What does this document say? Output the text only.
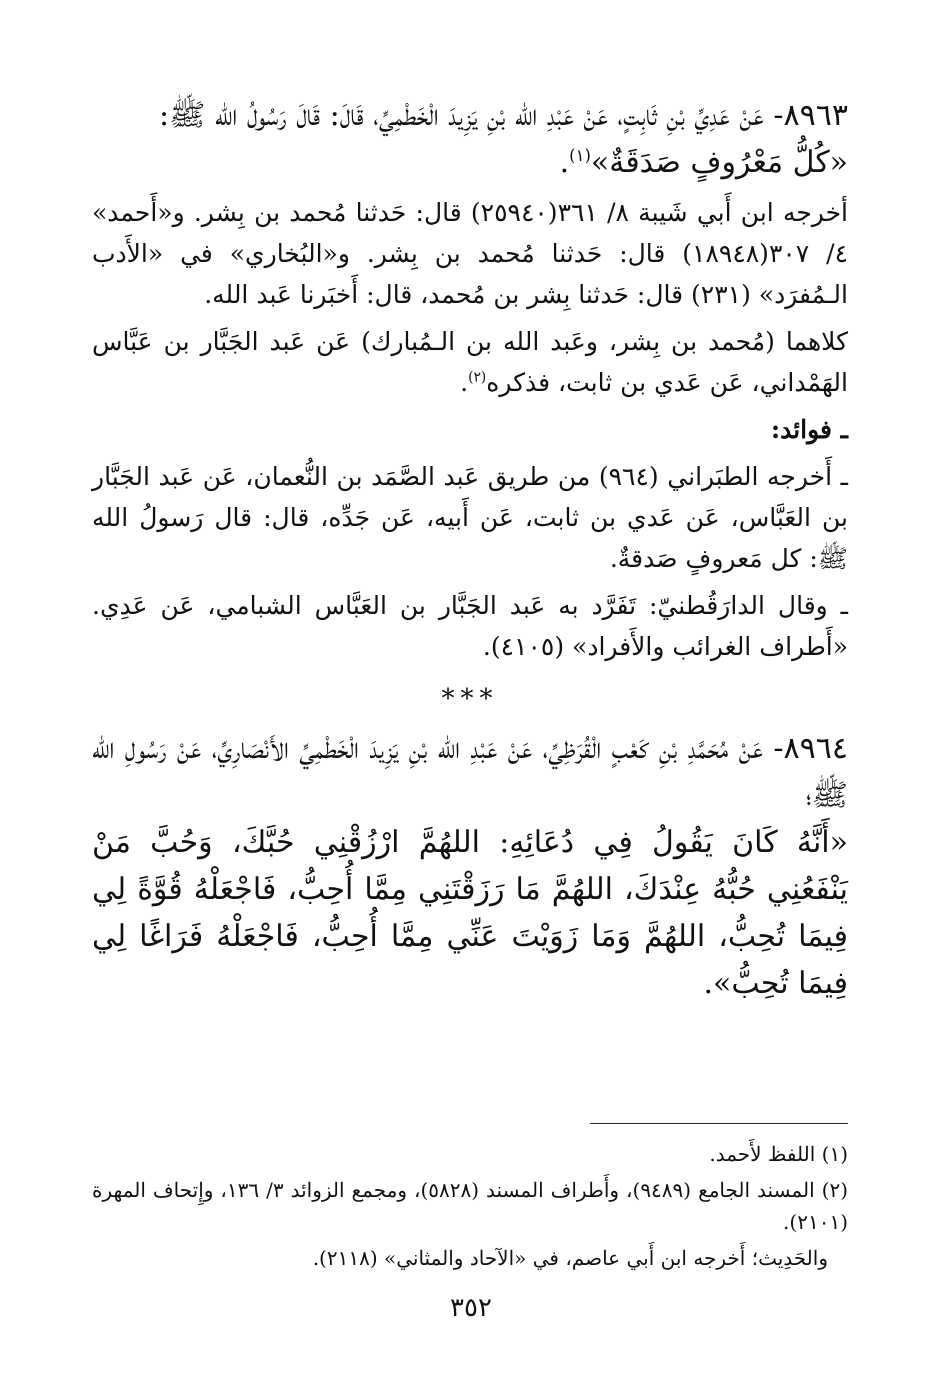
٨٩٦٣- عَنْ عَدِيِّ بْنِ ثَابِتٍ، عَنْ عَبْدِ الله بْنِ يَزِيدَ الْخَطْمِيِّ، قَالَ: قَالَ رَسُولُ الله ﷺ:

«كُلُّ مَعْرُوفٍ صَدَقَةٌ»$^{(١)}$.

أخرجه ابن أَبي شَيبة ٨/ ٣٦١(٢٥٩٤٠) قال: حَدثنا مُحمد بن بِشر. و«أَحمد» ٤/ ٣٠٧(١٨٩٤٨) قال: حَدثنا مُحمد بن بِشر. و«البُخاري» في «الأَدب الـمُفرَد» (٢٣١) قال: حَدثنا بِشر بن مُحمد، قال: أَخبَرنا عَبد الله.

كلاهما (مُحمد بن بِشر، وعَبد الله بن الـمُبارك) عَن عَبد الجَبَّار بن عَبَّاس الهَمْداني، عَن عَدي بن ثابت، فذكره$^{(٢)}$.

ـ فوائد:

ـ أَخرجه الطبَراني (٩٦٤) من طريق عَبد الصَّمَد بن النُّعمان، عَن عَبد الجَبَّار بن العَبَّاس، عَن عَدي بن ثابت، عَن أَبيه، عَن جَدِّه، قال: قال رَسولُ الله ﷺ: كل مَعروفٍ صَدقةٌ.

ـ وقال الدارَقُطنيّ: تَفَرَّد به عَبد الجَبَّار بن العَبَّاس الشبامي، عَن عَدِي. «أَطراف الغرائب والأَفراد» (٤١٠٥).

***

٨٩٦٤- عَنْ مُحَمَّدِ بْنِ كَعْبٍ الْقُرَظِيِّ، عَنْ عَبْدِ الله بْنِ يَزِيدَ الْخَطْمِيِّ الأَنْصَارِيِّ، عَنْ رَسُولِ الله ﷺ؛

«أَنَّهُ كَانَ يَقُولُ فِي دُعَائِهِ: اللهُمَّ ارْزُقْنِي حُبَّكَ، وَحُبَّ مَنْ يَنْفَعُنِي حُبُّهُ عِنْدَكَ، اللهُمَّ مَا رَزَقْتَنِي مِمَّا أُحِبُّ، فَاجْعَلْهُ قُوَّةً لِي فِيمَا تُحِبُّ، اللهُمَّ وَمَا زَوَيْتَ عَنِّي مِمَّا أُحِبُّ، فَاجْعَلْهُ فَرَاغًا لِي فِيمَا تُحِبُّ».

(١) اللفظ لأَحمد.

(٢) المسند الجامع (٩٤٨٩)، وأَطراف المسند (٥٨٢٨)، ومجمع الزوائد ٣/ ١٣٦، وإِتحاف المهرة (٢١٠١).

والحَدِيث؛ أَخرجه ابن أَبي عاصم، في «الآحاد والمثاني» (٢١١٨).

٣٥٢
